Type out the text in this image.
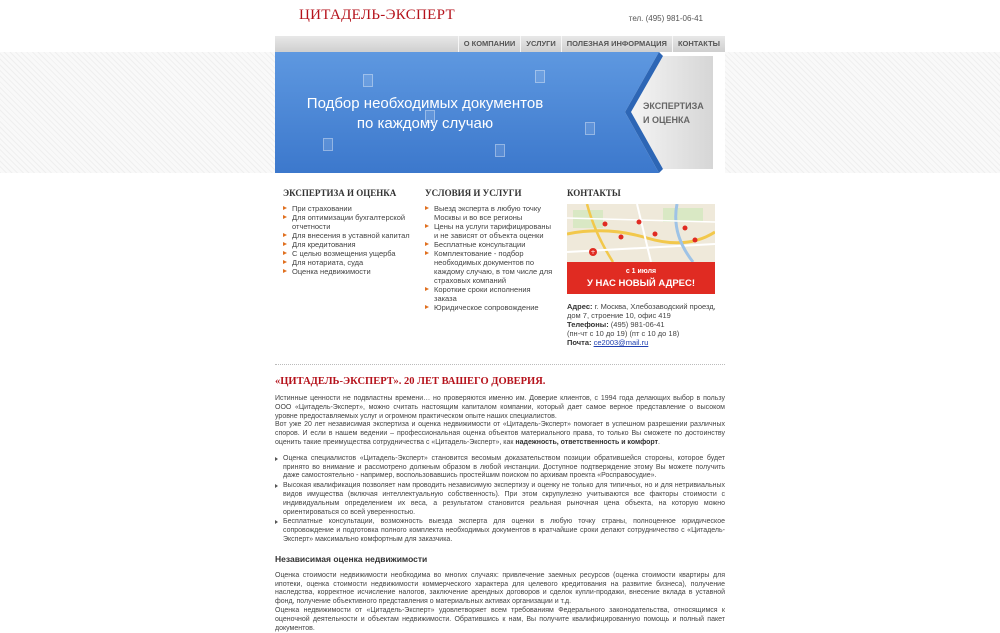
ЦИТАДЕЛЬ-ЭКСПЕРТ	тел. (495) 981-06-41
О КОМПАНИИ	УСЛУГИ	ПОЛЕЗНАЯ ИНФОРМАЦИЯ	КОНТАКТЫ
Подбор необходимых документов
по каждому случаю
ЭКСПЕРТИЗА
И ОЦЕНКА
ЭКСПЕРТИЗА И ОЦЕНКА
При страховании
Для оптимизации бухгалтерской отчетности
Для внесения в уставной капитал
Для кредитования
С целью возмещения ущерба
Для нотариата, суда
Оценка недвижимости
УСЛОВИЯ И УСЛУГИ
Выезд эксперта в любую точку Москвы и во все регионы
Цены на услуги тарифицированы и не зависят от объекта оценки
Бесплатные консультации
Комплектование - подбор необходимых документов по каждому случаю, в том числе для страховых компаний
Короткие сроки исполнения заказа
Юридическое сопровождение
КОНТАКТЫ
+
с 1 июля
У НАС НОВЫЙ АДРЕС!
Адрес: г. Москва, Хлебозаводский проезд, дом 7, строение 10, офис 419
Телефоны: (495) 981-06-41
(пн-чт с 10 до 19) (пт с 10 до 18)
Почта: ce2003@mail.ru
«ЦИТАДЕЛЬ-ЭКСПЕРТ». 20 ЛЕТ ВАШЕГО ДОВЕРИЯ.

Истинные ценности не подвластны времени… но проверяются именно им. Доверие клиентов, с 1994 года делающих выбор в пользу ООО «Цитадель-Эксперт», можно считать настоящим капиталом компании, который дает самое верное представление о высоком уровне предоставляемых услуг и огромном практическом опыте наших специалистов.

Вот уже 20 лет независимая экспертиза и оценка недвижимости от «Цитадель-Эксперт» помогает в успешном разрешении различных споров. И если в нашем ведении – профессиональная оценка объектов материального права, то только Вы сможете по достоинству оценить такие преимущества сотрудничества с «Цитадель-Эксперт», как надежность, ответственность и комфорт.

Оценка специалистов «Цитадель-Эксперт» становится весомым доказательством позиции обратившейся стороны, которое будет принято во внимание и рассмотрено должным образом в любой инстанции. Доступное подтверждение этому Вы можете получить даже самостоятельно - например, воспользовавшись простейшим поиском по архивам проекта «Росправосудие».
Высокая квалификация позволяет нам проводить независимую экспертизу и оценку не только для типичных, но и для нетривиальных видов имущества (включая интеллектуальную собственность). При этом скрупулезно учитываются все факторы стоимости с индивидуальным определением их веса, а результатом становится реальная рыночная цена объекта, на которую можно ориентироваться со всей уверенностью.
Бесплатные консультации, возможность выезда эксперта для оценки в любую точку страны, полноценное юридическое сопровождение и подготовка полного комплекта необходимых документов в кратчайшие сроки делают сотрудничество с «Цитадель-Эксперт» максимально комфортным для заказчика.
Независимая оценка недвижимости

Оценка стоимости недвижимости необходима во многих случаях: привлечение заемных ресурсов (оценка стоимости квартиры для ипотеки, оценка стоимости недвижимости коммерческого характера для целевого кредитования на развитие бизнеса), получение наследства, корректное исчисление налогов, заключение арендных договоров и сделок купли-продажи, внесение вклада в уставной фонд, получение объективного представления о материальных активах организации и т.д.

Оценка недвижимости от «Цитадель-Эксперт» удовлетворяет всем требованиям Федерального законодательства, относящимся к оценочной деятельности и объектам недвижимости. Обратившись к нам, Вы получите квалифицированную помощь и полный пакет документов.
